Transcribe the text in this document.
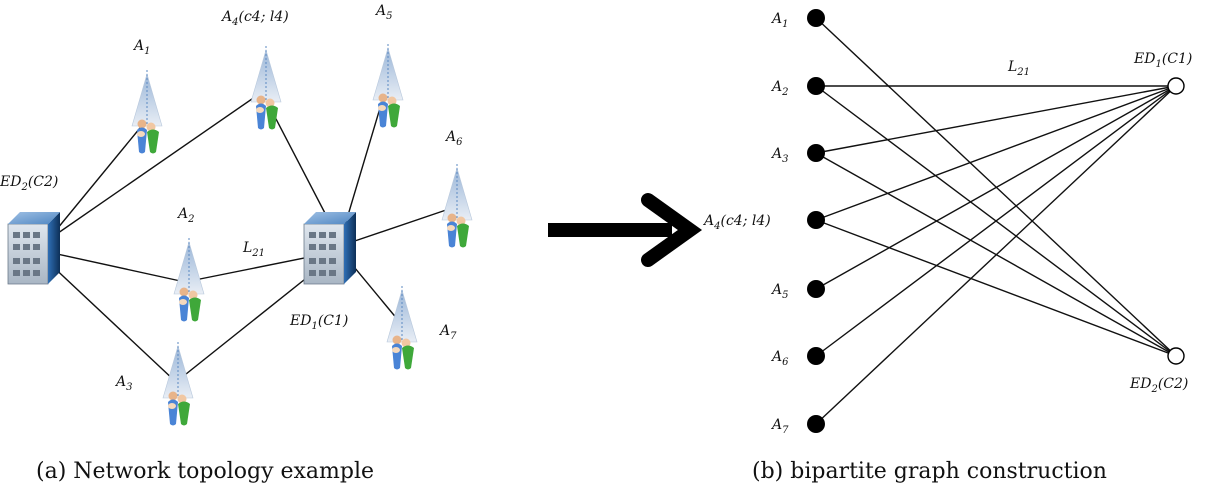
$A_1$
$A_4(c4$; l4)	$A_5$
$A_6$
$A_2$
$A_7$
$A_3$
$ED_2(C2)$
$ED_1(C1)$
$L_{21}$
(a) Network topology example
$A_1$
$A_2$
$A_3$
$A_4(c4$; l4)
$A_5$
$A_6$
$A_7$
$ED_1(C1)$
$ED_2(C2)$
$L_{21}$
(b) bipartite graph construction
